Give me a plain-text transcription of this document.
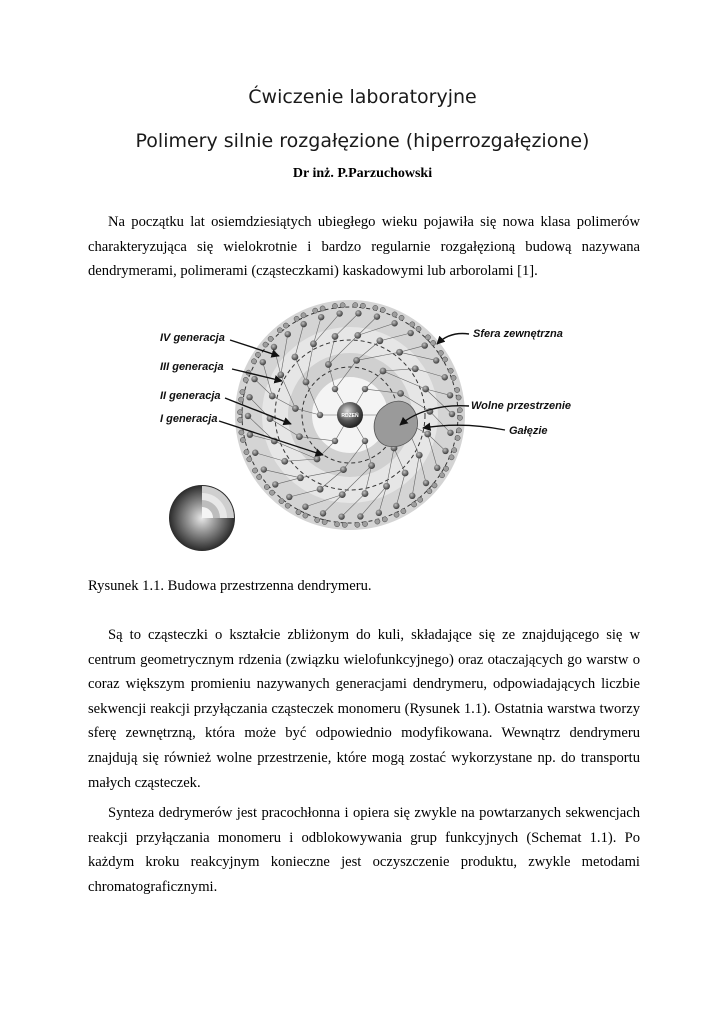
Ćwiczenie laboratoryjne
Polimery silnie rozgałęzione (hiperrozgałęzione)
Dr inż. P.Parzuchowski

Na początku lat osiemdziesiątych ubiegłego wieku pojawiła się nowa klasa polimerów charakteryzująca się wielokrotnie i bardzo regularnie rozgałęzioną budową nazywana dendrymerami, polimerami (cząsteczkami) kaskadowymi lub arborolami [1].

RDZEŃ
IV generacja
III generacja
II generacja
I generacja
Sfera zewnętrzna
Wolne przestrzenie
Gałęzie
Rysunek 1.1. Budowa przestrzenna dendrymeru.

Są to cząsteczki o kształcie zbliżonym do kuli, składające się ze znajdującego się w centrum geometrycznym rdzenia (związku wielofunkcyjnego) oraz otaczających go warstw o coraz większym promieniu nazywanych generacjami dendrymeru, odpowiadających liczbie sekwencji reakcji przyłączania cząsteczek monomeru (Rysunek 1.1). Ostatnia warstwa tworzy sferę zewnętrzną, która może być odpowiednio modyfikowana. Wewnątrz dendrymeru znajdują się również wolne przestrzenie, które mogą zostać wykorzystane np. do transportu małych cząsteczek.

Synteza dedrymerów jest pracochłonna i opiera się zwykle na powtarzanych sekwencjach reakcji przyłączania monomeru i odblokowywania grup funkcyjnych (Schemat 1.1). Po każdym kroku reakcyjnym konieczne jest oczyszczenie produktu, zwykle metodami chromatograficznymi.
